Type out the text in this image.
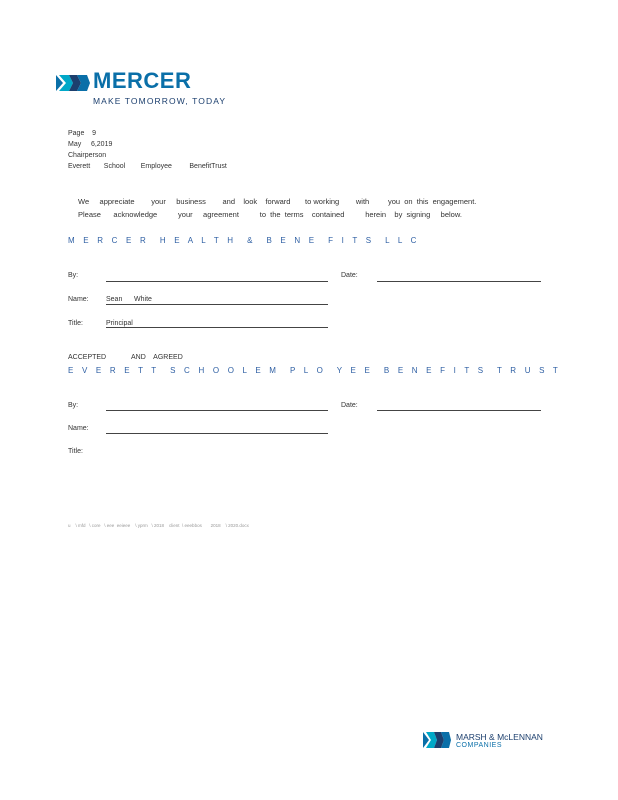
MERCER
MAKE TOMORROW, TODAY
Page    9
May     6,2019
Chairperson
Everett       School        Employee         BenefitTrust
We     appreciate        your     business        and    look    forward       to working        with         you  on  this  engagement.
Please      acknowledge          your     agreement          to  the  terms    contained          herein    by  signing     below.
M E R C E R  H E A L T H  &  B E N E  F I T S  L L C
By:	Date:
Name: Sean      White
Title:	Principal
ACCEPTED             AND    AGREED
E V E R E T T  S C H O O L E M  P L O  Y E E  B E N E F I T S  T R U S T
By:	Date:
Name:
Title:
u    \ mfd   \ core   \ eee  eeieee    \ yprm   \ 2018    client  \ eeebbos       2018    \ 2020.docx
MARSH & McLENNAN
COMPANIES
